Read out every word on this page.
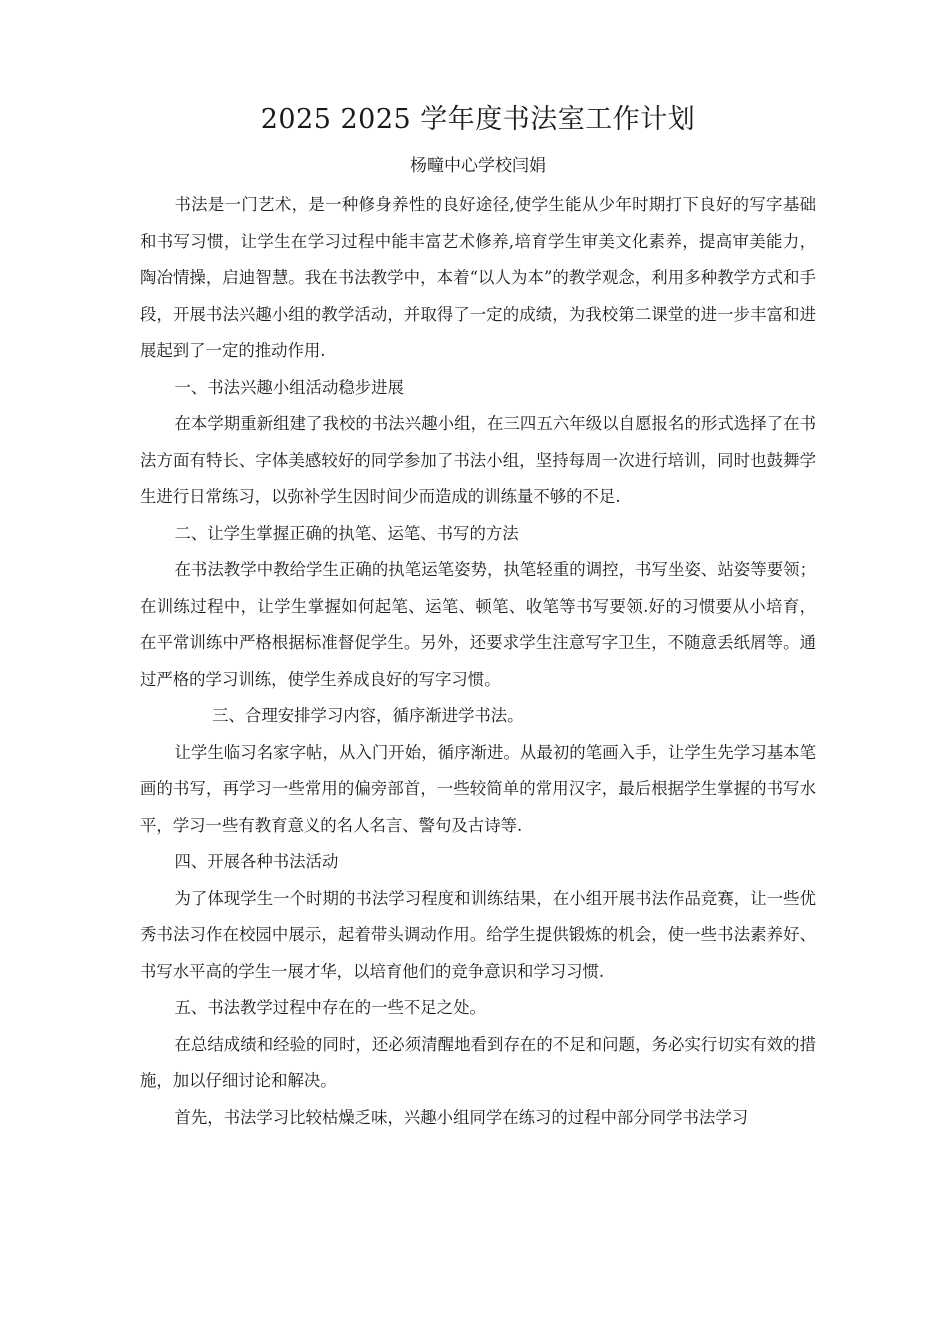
2025 2025 学年度书法室工作计划
杨疃中心学校闫娟

书法是一门艺术，是一种修身养性的良好途径,使学生能从少年时期打下良好的写字基础和书写习惯，让学生在学习过程中能丰富艺术修养,培育学生审美文化素养，提高审美能力，陶冶情操，启迪智慧。我在书法教学中，本着“以人为本”的教学观念，利用多种教学方式和手段，开展书法兴趣小组的教学活动，并取得了一定的成绩，为我校第二课堂的进一步丰富和进展起到了一定的推动作用.

一、书法兴趣小组活动稳步进展

在本学期重新组建了我校的书法兴趣小组，在三四五六年级以自愿报名的形式选择了在书法方面有特长、字体美感较好的同学参加了书法小组，坚持每周一次进行培训，同时也鼓舞学生进行日常练习，以弥补学生因时间少而造成的训练量不够的不足.

二、让学生掌握正确的执笔、运笔、书写的方法

在书法教学中教给学生正确的执笔运笔姿势，执笔轻重的调控，书写坐姿、站姿等要领；在训练过程中，让学生掌握如何起笔、运笔、顿笔、收笔等书写要领.好的习惯要从小培育，在平常训练中严格根据标准督促学生。另外，还要求学生注意写字卫生，不随意丢纸屑等。通过严格的学习训练，使学生养成良好的写字习惯。

三、合理安排学习内容，循序渐进学书法。

让学生临习名家字帖，从入门开始，循序渐进。从最初的笔画入手，让学生先学习基本笔画的书写，再学习一些常用的偏旁部首，一些较简单的常用汉字，最后根据学生掌握的书写水平，学习一些有教育意义的名人名言、警句及古诗等.

四、开展各种书法活动

为了体现学生一个时期的书法学习程度和训练结果，在小组开展书法作品竞赛，让一些优秀书法习作在校园中展示，起着带头调动作用。给学生提供锻炼的机会，使一些书法素养好、书写水平高的学生一展才华，以培育他们的竞争意识和学习习惯.

五、书法教学过程中存在的一些不足之处。

在总结成绩和经验的同时，还必须清醒地看到存在的不足和问题，务必实行切实有效的措施，加以仔细讨论和解决。

首先，书法学习比较枯燥乏味，兴趣小组同学在练习的过程中部分同学书法学习
